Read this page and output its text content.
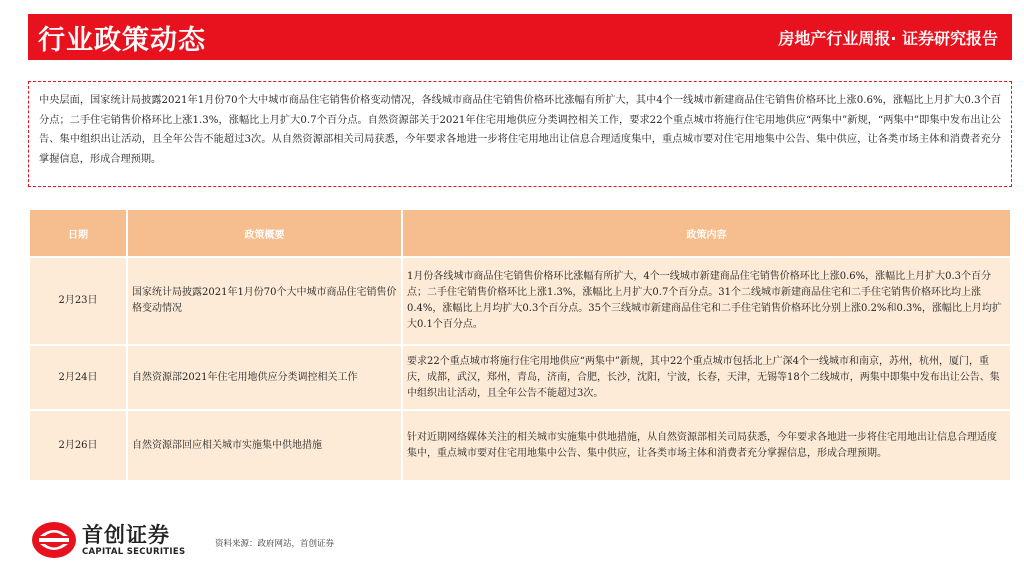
行业政策动态	房地产行业周报· 证券研究报告

中央层面，国家统计局披露2021年1月份70个大中城市商品住宅销售价格变动情况，各线城市商品住宅销售价格环比涨幅有所扩大，其中4个一线城市新建商品住宅销售价格环比上涨0.6%，涨幅比上月扩大0.3个百分点；二手住宅销售价格环比上涨1.3%，涨幅比上月扩大0.7个百分点。自然资源部关于2021年住宅用地供应分类调控相关工作，要求22个重点城市将施行住宅用地供应“两集中”新规，“两集中”即集中发布出让公告、集中组织出让活动，且全年公告不能超过3次。从自然资源部相关司局获悉，今年要求各地进一步将住宅用地出让信息合理适度集中，重点城市要对住宅用地集中公告、集中供应，让各类市场主体和消费者充分掌握信息，形成合理预期。

日期	政策概要	政策内容
2月23日	国家统计局披露2021年1月份70个大中城市商品住宅销售价格变动情况	1月份各线城市商品住宅销售价格环比涨幅有所扩大，4个一线城市新建商品住宅销售价格环比上涨0.6%，涨幅比上月扩大0.3个百分点；二手住宅销售价格环比上涨1.3%，涨幅比上月扩大0.7个百分点。31个二线城市新建商品住宅和二手住宅销售价格环比均上涨0.4%，涨幅比上月均扩大0.3个百分点。35个三线城市新建商品住宅和二手住宅销售价格环比分别上涨0.2%和0.3%，涨幅比上月均扩大0.1个百分点。
2月24日	自然资源部2021年住宅用地供应分类调控相关工作	要求22个重点城市将施行住宅用地供应“两集中”新规，其中22个重点城市包括北上广深4个一线城市和南京，苏州，杭州，厦门，重庆，成都，武汉，郑州，青岛，济南，合肥，长沙，沈阳，宁波，长春，天津，无锡等18个二线城市，两集中即集中发布出让公告、集中组织出让活动，且全年公告不能超过3次。
2月26日	自然资源部回应相关城市实施集中供地措施	针对近期网络媒体关注的相关城市实施集中供地措施，从自然资源部相关司局获悉，今年要求各地进一步将住宅用地出让信息合理适度集中，重点城市要对住宅用地集中公告、集中供应，让各类市场主体和消费者充分掌握信息，形成合理预期。
首创证券
CAPITAL SECURITIES
资料来源：政府网站，首创证券
